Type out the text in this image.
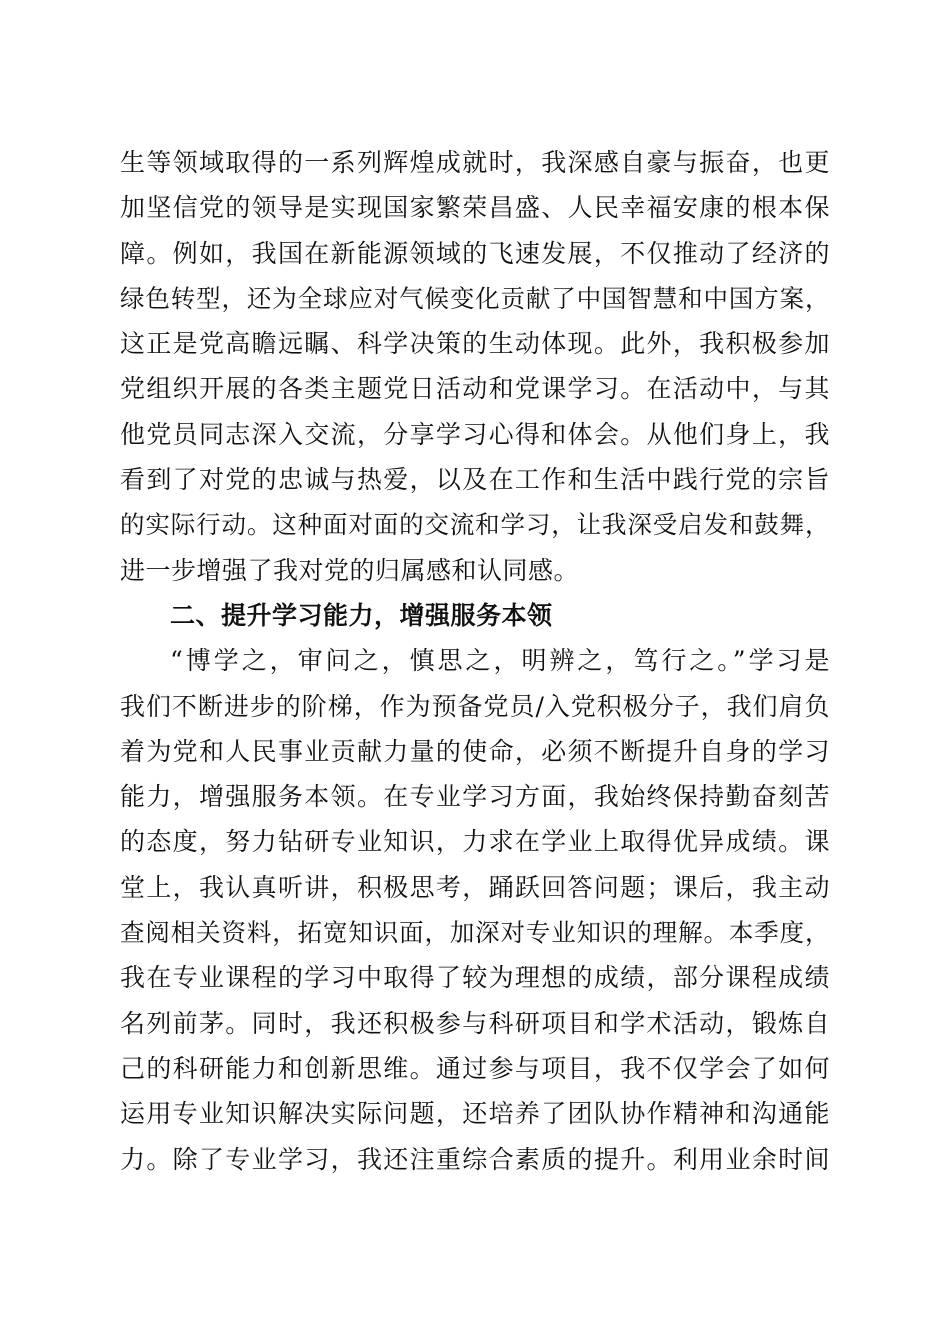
生等领域取得的一系列辉煌成就时，我深感自豪与振奋，也更
加坚信党的领导是实现国家繁荣昌盛、人民幸福安康的根本保
障。例如，我国在新能源领域的飞速发展，不仅推动了经济的
绿色转型，还为全球应对气候变化贡献了中国智慧和中国方案，
这正是党高瞻远瞩、科学决策的生动体现。此外，我积极参加
党组织开展的各类主题党日活动和党课学习。在活动中，与其
他党员同志深入交流，分享学习心得和体会。从他们身上，我
看到了对党的忠诚与热爱，以及在工作和生活中践行党的宗旨
的实际行动。这种面对面的交流和学习，让我深受启发和鼓舞，
进一步增强了我对党的归属感和认同感。
二、提升学习能力，增强服务本领
“博学之，审问之，慎思之，明辨之，笃行之。”学习是
我们不断进步的阶梯，作为预备党员/入党积极分子，我们肩负
着为党和人民事业贡献力量的使命，必须不断提升自身的学习
能力，增强服务本领。在专业学习方面，我始终保持勤奋刻苦
的态度，努力钻研专业知识，力求在学业上取得优异成绩。课
堂上，我认真听讲，积极思考，踊跃回答问题；课后，我主动
查阅相关资料，拓宽知识面，加深对专业知识的理解。本季度，
我在专业课程的学习中取得了较为理想的成绩，部分课程成绩
名列前茅。同时，我还积极参与科研项目和学术活动，锻炼自
己的科研能力和创新思维。通过参与项目，我不仅学会了如何
运用专业知识解决实际问题，还培养了团队协作精神和沟通能
力。除了专业学习，我还注重综合素质的提升。利用业余时间
